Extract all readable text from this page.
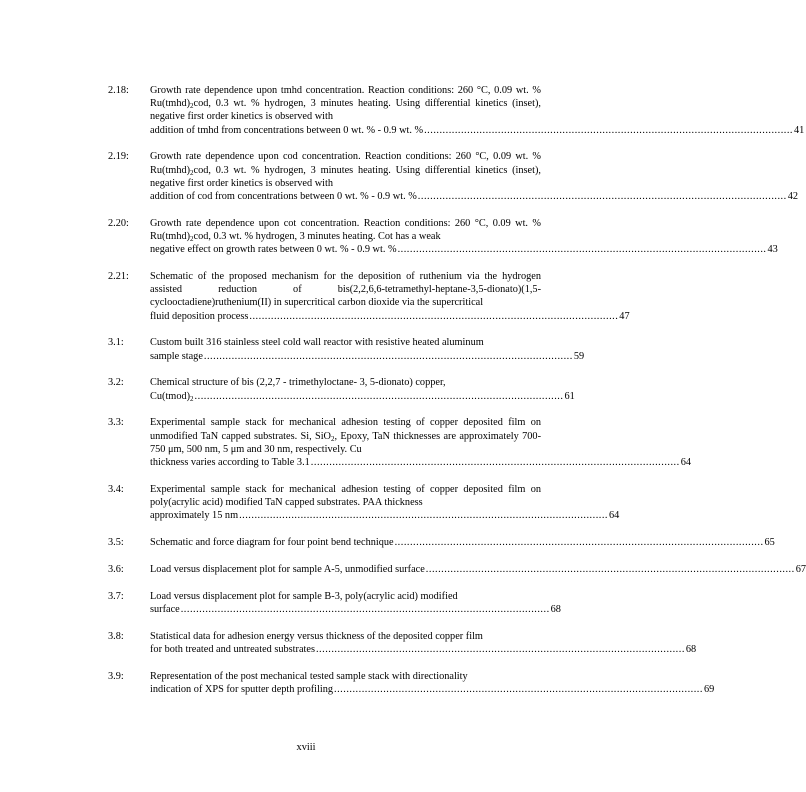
2.18: Growth rate dependence upon tmhd concentration. Reaction conditions: 260 °C, 0.09 wt. % $Ru(tmhd)_2cod$, 0.3 wt. % hydrogen, 3 minutes heating. Using differential kinetics (inset), negative first order kinetics is observed with
addition of tmhd from concentrations between 0 wt. % - 0.9 wt. % ........................................................................................................................ 41
2.19: Growth rate dependence upon cod concentration. Reaction conditions: 260 °C, 0.09 wt. % $Ru(tmhd)_2cod$, 0.3 wt. % hydrogen, 3 minutes heating. Using differential kinetics (inset), negative first order kinetics is observed with
addition of cod from concentrations between 0 wt. % - 0.9 wt. % ........................................................................................................................ 42
2.20: Growth rate dependence upon cot concentration. Reaction conditions: 260 °C, 0.09 wt. % $Ru(tmhd)_2cod$, 0.3 wt. % hydrogen, 3 minutes heating. Cot has a weak
negative effect on growth rates between 0 wt. % - 0.9 wt. % ........................................................................................................................ 43
2.21: Schematic of the proposed mechanism for the deposition of ruthenium via the hydrogen assisted reduction of bis(2,2,6,6-tetramethyl-heptane-3,5-dionato)(1,5-cyclooctadiene)ruthenium(II) in supercritical carbon dioxide via the supercritical
fluid deposition process ........................................................................................................................ 47
3.1:	Custom built 316 stainless steel cold wall reactor with resistive heated aluminum
sample stage ........................................................................................................................ 59
3.2:	Chemical structure of bis (2,2,7 - trimethyloctane- 3, 5-dionato) copper,
$Cu(tmod)_2$ ........................................................................................................................ 61
3.3:	Experimental sample stack for mechanical adhesion testing of copper deposited film on unmodified TaN capped substrates. Si, SiO$_2$, Epoxy, TaN thicknesses are approximately 700-750 μm, 500 nm, 5 μm and 30 nm, respectively. Cu
thickness varies according to Table 3.1 ........................................................................................................................ 64
3.4:	Experimental sample stack for mechanical adhesion testing of copper deposited film on poly(acrylic acid) modified TaN capped substrates. PAA thickness
approximately 15 nm ........................................................................................................................ 64
3.5:	Schematic and force diagram for four point bend technique ........................................................................................................................ 65
3.6:	Load versus displacement plot for sample A-5, unmodified surface ........................................................................................................................ 67
3.7:	Load versus displacement plot for sample B-3, poly(acrylic acid) modified
surface ........................................................................................................................ 68
3.8:	Statistical data for adhesion energy versus thickness of the deposited copper film
for both treated and untreated substrates ........................................................................................................................ 68
3.9:	Representation of the post mechanical tested sample stack with directionality
indication of XPS for sputter depth profiling ........................................................................................................................ 69
xviii
